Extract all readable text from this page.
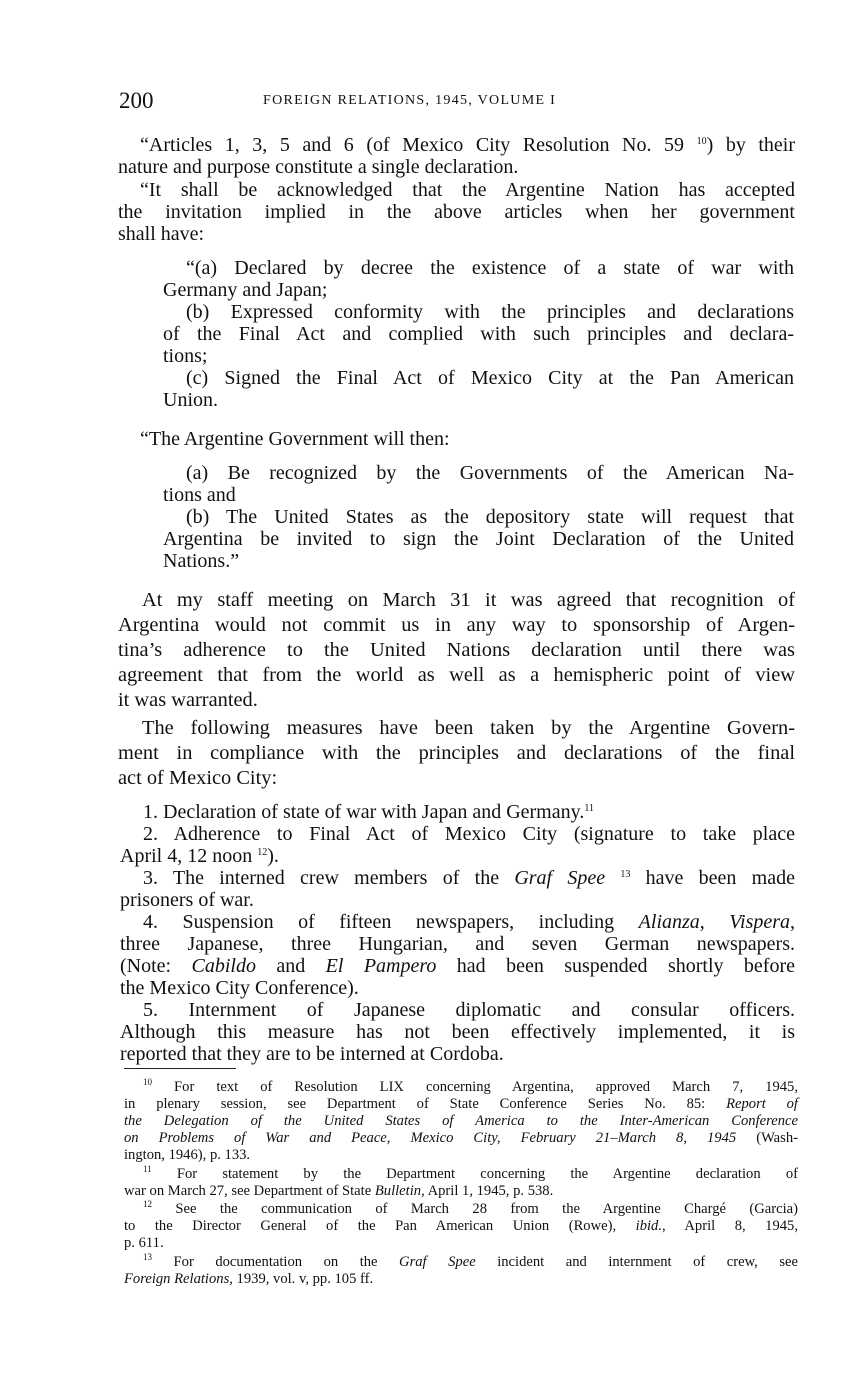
200	FOREIGN RELATIONS, 1945, VOLUME I

“Articles 1, 3, 5 and 6 (of Mexico City Resolution No. 59 $^{10}$) by their

nature and purpose constitute a single declaration.

“It shall be acknowledged that the Argentine Nation has accepted

the invitation implied in the above articles when her government

shall have:

“(a) Declared by decree the existence of a state of war with

Germany and Japan;

(b) Expressed conformity with the principles and declarations

of the Final Act and complied with such principles and declara-

tions;

(c) Signed the Final Act of Mexico City at the Pan American

Union.

“The Argentine Government will then:

(a) Be recognized by the Governments of the American Na-

tions and

(b) The United States as the depository state will request that

Argentina be invited to sign the Joint Declaration of the United

Nations.”

At my staff meeting on March 31 it was agreed that recognition of

Argentina would not commit us in any way to sponsorship of Argen-

tina’s adherence to the United Nations declaration until there was

agreement that from the world as well as a hemispheric point of view

it was warranted.

The following measures have been taken by the Argentine Govern-

ment in compliance with the principles and declarations of the final

act of Mexico City:

1. Declaration of state of war with Japan and Germany.$^{11}$

2. Adherence to Final Act of Mexico City (signature to take place

April 4, 12 noon $^{12}$).

3. The interned crew members of the Graf Spee $^{13}$ have been made

prisoners of war.

4. Suspension of fifteen newspapers, including Alianza, Vispera,

three Japanese, three Hungarian, and seven German newspapers.

(Note: Cabildo and El Pampero had been suspended shortly before

the Mexico City Conference).

5. Internment of Japanese diplomatic and consular officers.

Although this measure has not been effectively implemented, it is

reported that they are to be interned at Cordoba.

$^{10}$ For text of Resolution LIX concerning Argentina, approved March 7, 1945,

in plenary session, see Department of State Conference Series No. 85: Report of

the Delegation of the United States of America to the Inter-American Conference

on Problems of War and Peace, Mexico City, February 21–March 8, 1945 (Wash-

ington, 1946), p. 133.

$^{11}$ For statement by the Department concerning the Argentine declaration of

war on March 27, see Department of State Bulletin, April 1, 1945, p. 538.

$^{12}$ See the communication of March 28 from the Argentine Chargé (Garcia)

to the Director General of the Pan American Union (Rowe), ibid., April 8, 1945,

p. 611.

$^{13}$ For documentation on the Graf Spee incident and internment of crew, see

Foreign Relations, 1939, vol. v, pp. 105 ff.
